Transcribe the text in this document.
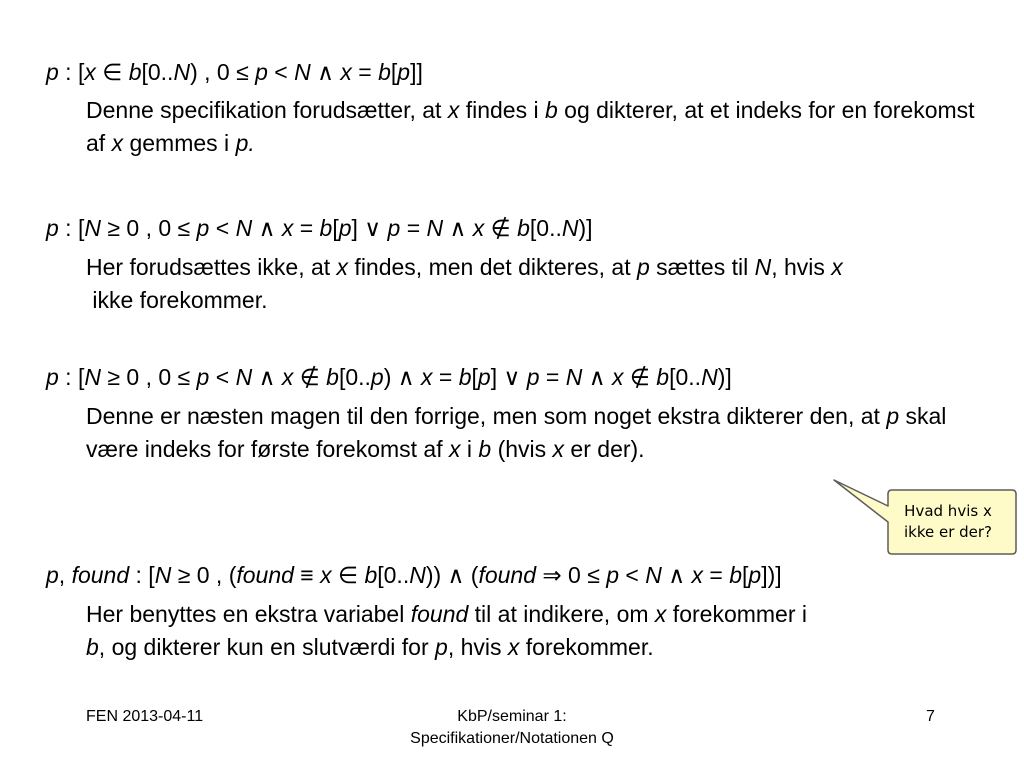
p : [x ∈ b[0..N) , 0 ≤ p < N ∧ x = b[p]]
Denne specifikation forudsætter, at x findes i b og dikterer, at et indeks for en forekomst af x gemmes i p.
p : [N ≥ 0 , 0 ≤ p < N ∧ x = b[p] ∨ p = N ∧ x ∉ b[0..N)]
Her forudsættes ikke, at x findes, men det dikteres, at p sættes til N, hvis x ikke forekommer.
p : [N ≥ 0 , 0 ≤ p < N ∧ x ∉ b[0..p) ∧ x = b[p] ∨ p = N ∧ x ∉ b[0..N)]
Denne er næsten magen til den forrige, men som noget ekstra dikterer den, at p skal være indeks for første forekomst af x i b (hvis x er der).
Hvad hvis x
ikke er der?
p, found : [N ≥ 0 , (found ≡ x ∈ b[0..N)) ∧ (found ⇒ 0 ≤ p < N ∧ x = b[p])]
Her benyttes en ekstra variabel found til at indikere, om x forekommer i b, og dikterer kun en slutværdi for p, hvis x forekommer.
FEN 2013-04-11	KbP/seminar 1:
Specifikationer/Notationen Q
7
